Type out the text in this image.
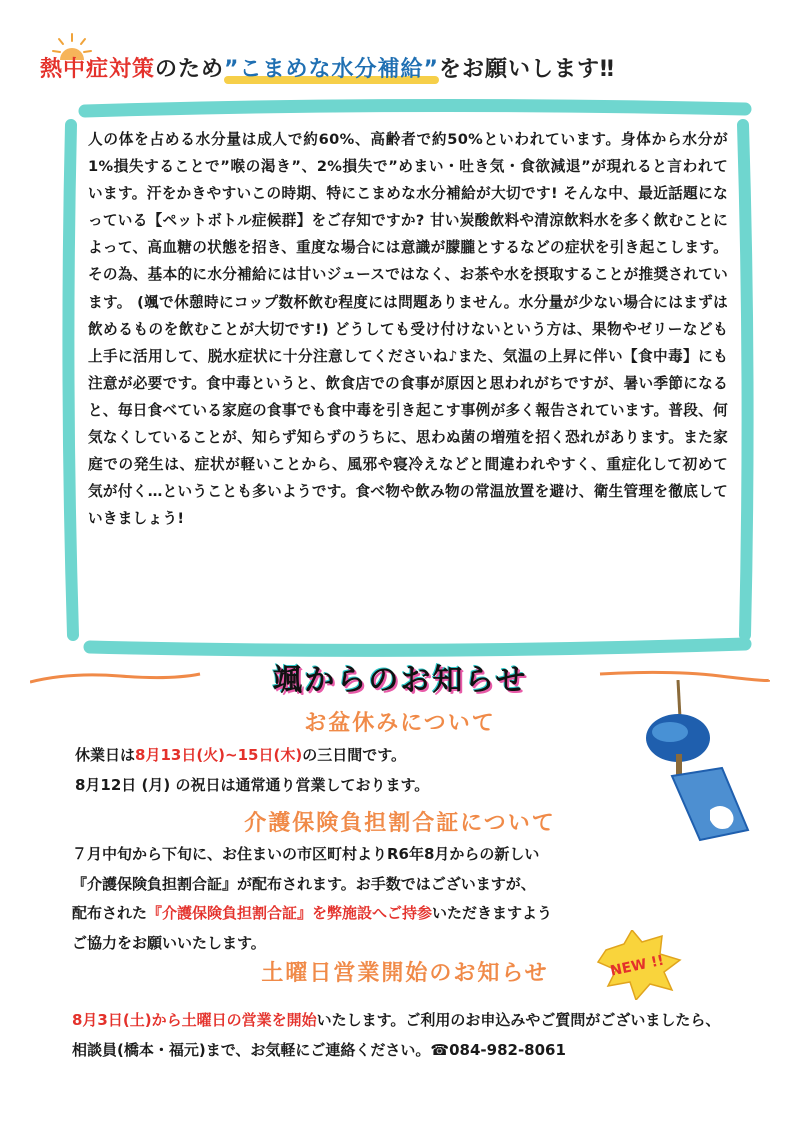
熱中症対策のため”こまめな水分補給”をお願いします‼
人の体を占める水分量は成人で約60%、高齢者で約50%といわれています。身体から水分が1%損失することで”喉の渇き”、2%損失で”めまい・吐き気・食欲減退”が現れると言われています。汗をかきやすいこの時期、特にこまめな水分補給が大切です! そんな中、最近話題になっている【ペットボトル症候群】をご存知ですか? 甘い炭酸飲料や清涼飲料水を多く飲むことによって、高血糖の状態を招き、重度な場合には意識が朦朧とするなどの症状を引き起こします。その為、基本的に水分補給には甘いジュースではなく、お茶や水を摂取することが推奨されています。 (颯で休憩時にコップ数杯飲む程度には問題ありません。水分量が少ない場合にはまずは飲めるものを飲むことが大切です!) どうしても受け付けないという方は、果物やゼリーなども上手に活用して、脱水症状に十分注意してくださいね♪また、気温の上昇に伴い【食中毒】にも注意が必要です。食中毒というと、飲食店での食事が原因と思われがちですが、暑い季節になると、毎日食べている家庭の食事でも食中毒を引き起こす事例が多く報告されています。普段、何気なくしていることが、知らず知らずのうちに、思わぬ菌の増殖を招く恐れがあります。また家庭での発生は、症状が軽いことから、風邪や寝冷えなどと間違われやすく、重症化して初めて気が付く…ということも多いようです。食べ物や飲み物の常温放置を避け、衛生管理を徹底していきましょう!
颯からのお知らせ
お盆休みについて
休業日は8月13日(火)~15日(木)の三日間です。
8月12日 (月) の祝日は通常通り営業しております。
介護保険負担割合証について
７月中旬から下旬に、お住まいの市区町村よりR6年8月からの新しい
『介護保険負担割合証』が配布されます。お手数ではございますが、
配布された『介護保険負担割合証』を弊施設へご持参いただきますよう
ご協力をお願いいたします。
土曜日営業開始のお知らせ
8月3日(土)から土曜日の営業を開始いたします。ご利用のお申込みやご質問がございましたら、相談員(橋本・福元)まで、お気軽にご連絡ください。☎084-982-8061
NEW !!
